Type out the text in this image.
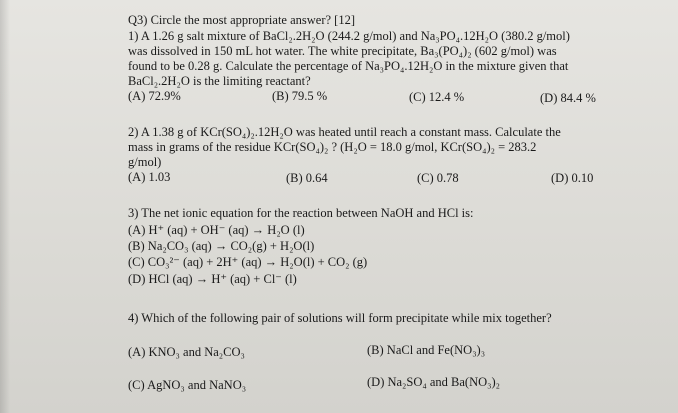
Q3) Circle the most appropriate answer? [12]
1) A 1.26 g salt mixture of BaCl₂.2H₂O (244.2 g/mol) and Na₃PO₄.12H₂O (380.2 g/mol)
was dissolved in 150 mL hot water. The white precipitate, Ba₃(PO₄)₂ (602 g/mol) was
found to be 0.28 g. Calculate the percentage of Na₃PO₄.12H₂O in the mixture given that
BaCl₂.2H₂O is the limiting reactant?
(A) 72.9%	(B) 79.5 %	(C) 12.4 %	(D) 84.4 %
2) A 1.38 g of KCr(SO₄)₂.12H₂O was heated until reach a constant mass. Calculate the
mass in grams of the residue KCr(SO₄)₂ ? (H₂O = 18.0 g/mol, KCr(SO₄)₂ = 283.2
g/mol)
(A) 1.03	(B) 0.64	(C) 0.78	(D) 0.10
3) The net ionic equation for the reaction between NaOH and HCl is:
(A) H⁺ (aq) + OH⁻ (aq) → H₂O (l)
(B) Na₂CO₃ (aq) → CO₂(g) + H₂O(l)
(C) CO₃²⁻ (aq) + 2H⁺ (aq) → H₂O(l) + CO₂ (g)
(D) HCl (aq) → H⁺ (aq) + Cl⁻ (l)
4) Which of the following pair of solutions will form precipitate while mix together?
(A) KNO₃ and Na₂CO₃	(B) NaCl and Fe(NO₃)₃
(C) AgNO₃ and NaNO₃	(D) Na₂SO₄ and Ba(NO₃)₂
